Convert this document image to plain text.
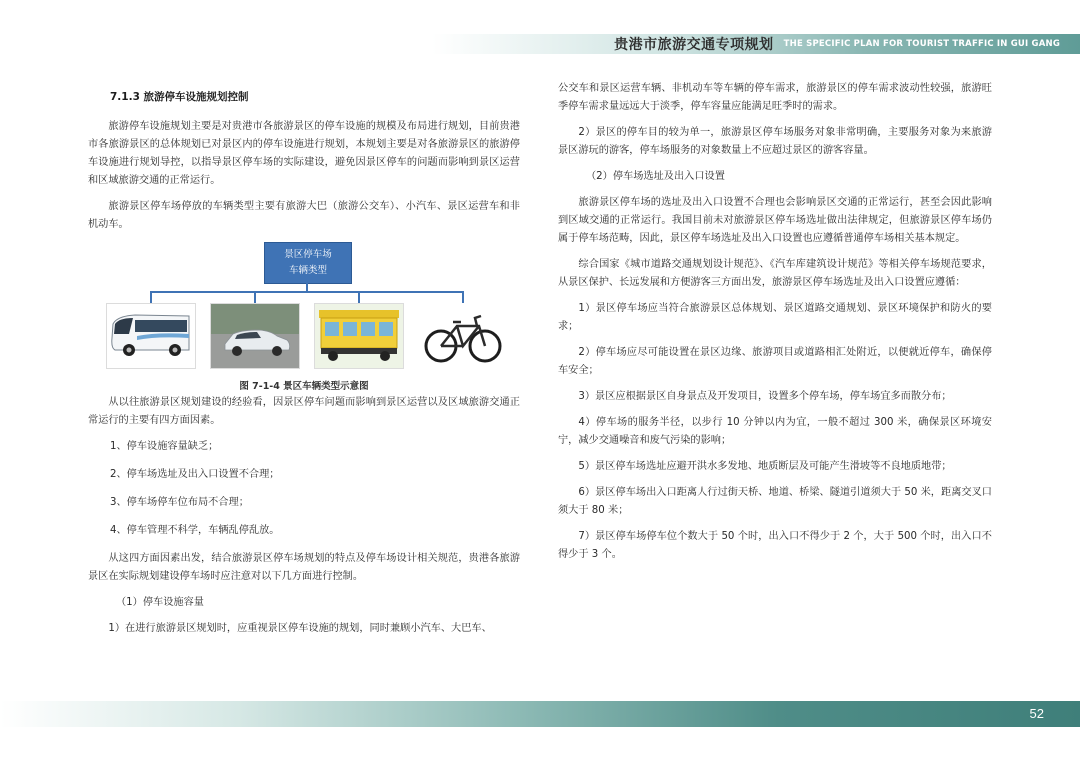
贵港市旅游交通专项规划 THE SPECIFIC PLAN FOR TOURIST TRAFFIC IN GUI GANG
7.1.3 旅游停车设施规划控制

旅游停车设施规划主要是对贵港市各旅游景区的停车设施的规模及布局进行规划，目前贵港市各旅游景区的总体规划已对景区内的停车设施进行规划，本规划主要是对各旅游景区的旅游停车设施进行规划导控，以指导景区停车场的实际建设，避免因景区停车的问题而影响到景区运营和区域旅游交通的正常运行。

旅游景区停车场停放的车辆类型主要有旅游大巴（旅游公交车）、小汽车、景区运营车和非机动车。

景区停车场
车辆类型
图 7-1-4 景区车辆类型示意图

从以往旅游景区规划建设的经验看，因景区停车问题而影响到景区运营以及区域旅游交通正常运行的主要有四方面因素。

1、停车设施容量缺乏；
2、停车场选址及出入口设置不合理；
3、停车场停车位布局不合理；
4、停车管理不科学，车辆乱停乱放。

从这四方面因素出发，结合旅游景区停车场规划的特点及停车场设计相关规范，贵港各旅游景区在实际规划建设停车场时应注意对以下几方面进行控制。

（1）停车设施容量

1）在进行旅游景区规划时，应重视景区停车设施的规划，同时兼顾小汽车、大巴车、

公交车和景区运营车辆、非机动车等车辆的停车需求，旅游景区的停车需求波动性较强，旅游旺季停车需求量远远大于淡季，停车容量应能满足旺季时的需求。

2）景区的停车目的较为单一，旅游景区停车场服务对象非常明确，主要服务对象为来旅游景区游玩的游客，停车场服务的对象数量上不应超过景区的游客容量。

（2）停车场选址及出入口设置

旅游景区停车场的选址及出入口设置不合理也会影响景区交通的正常运行，甚至会因此影响到区域交通的正常运行。我国目前未对旅游景区停车场选址做出法律规定，但旅游景区停车场仍属于停车场范畴，因此，景区停车场选址及出入口设置也应遵循普通停车场相关基本规定。

综合国家《城市道路交通规划设计规范》、《汽车库建筑设计规范》等相关停车场规范要求，从景区保护、长远发展和方便游客三方面出发，旅游景区停车场选址及出入口设置应遵循：

1）景区停车场应当符合旅游景区总体规划、景区道路交通规划、景区环境保护和防火的要求；

2）停车场应尽可能设置在景区边缘、旅游项目或道路相汇处附近，以便就近停车，确保停车安全；

3）景区应根据景区自身景点及开发项目，设置多个停车场，停车场宜多而散分布；

4）停车场的服务半径，以步行 10 分钟以内为宜，一般不超过 300 米，确保景区环境安宁，减少交通噪音和废气污染的影响；

5）景区停车场选址应避开洪水多发地、地质断层及可能产生滑坡等不良地质地带；

6）景区停车场出入口距离人行过街天桥、地道、桥梁、隧道引道须大于 50 米，距离交叉口须大于 80 米；

7）景区停车场停车位个数大于 50 个时，出入口不得少于 2 个，大于 500 个时，出入口不得少于 3 个。

52
